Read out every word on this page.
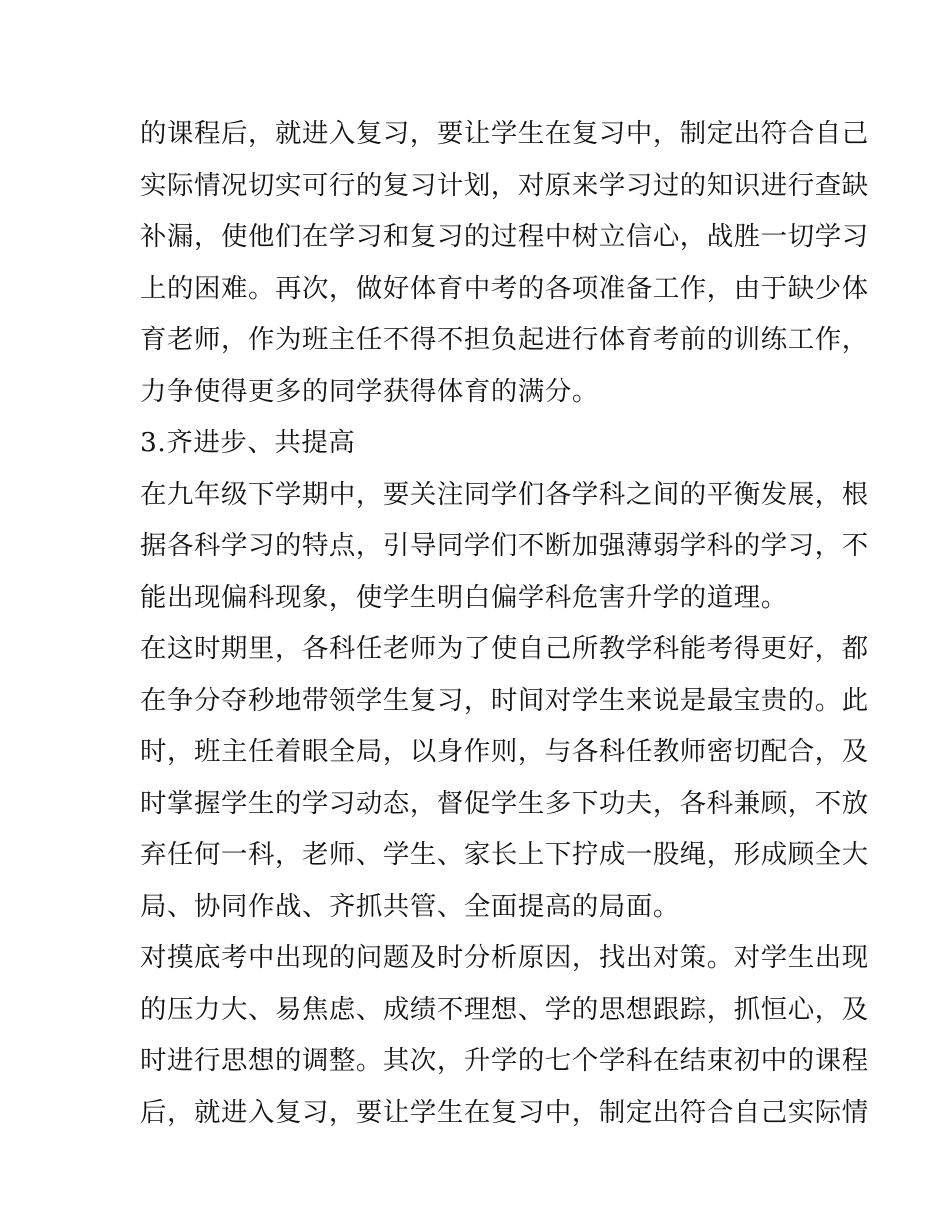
的课程后，就进入复习，要让学生在复习中，制定出符合自己
实际情况切实可行的复习计划，对原来学习过的知识进行查缺
补漏，使他们在学习和复习的过程中树立信心，战胜一切学习
上的困难。再次，做好体育中考的各项准备工作，由于缺少体
育老师，作为班主任不得不担负起进行体育考前的训练工作，
力争使得更多的同学获得体育的满分。
3.齐进步、共提高
在九年级下学期中，要关注同学们各学科之间的平衡发展，根
据各科学习的特点，引导同学们不断加强薄弱学科的学习，不
能出现偏科现象，使学生明白偏学科危害升学的道理。
在这时期里，各科任老师为了使自己所教学科能考得更好，都
在争分夺秒地带领学生复习，时间对学生来说是最宝贵的。此
时，班主任着眼全局，以身作则，与各科任教师密切配合，及
时掌握学生的学习动态，督促学生多下功夫，各科兼顾，不放
弃任何一科，老师、学生、家长上下拧成一股绳，形成顾全大
局、协同作战、齐抓共管、全面提高的局面。
对摸底考中出现的问题及时分析原因，找出对策。对学生出现
的压力大、易焦虑、成绩不理想、学的思想跟踪，抓恒心，及
时进行思想的调整。其次，升学的七个学科在结束初中的课程
后，就进入复习，要让学生在复习中，制定出符合自己实际情
